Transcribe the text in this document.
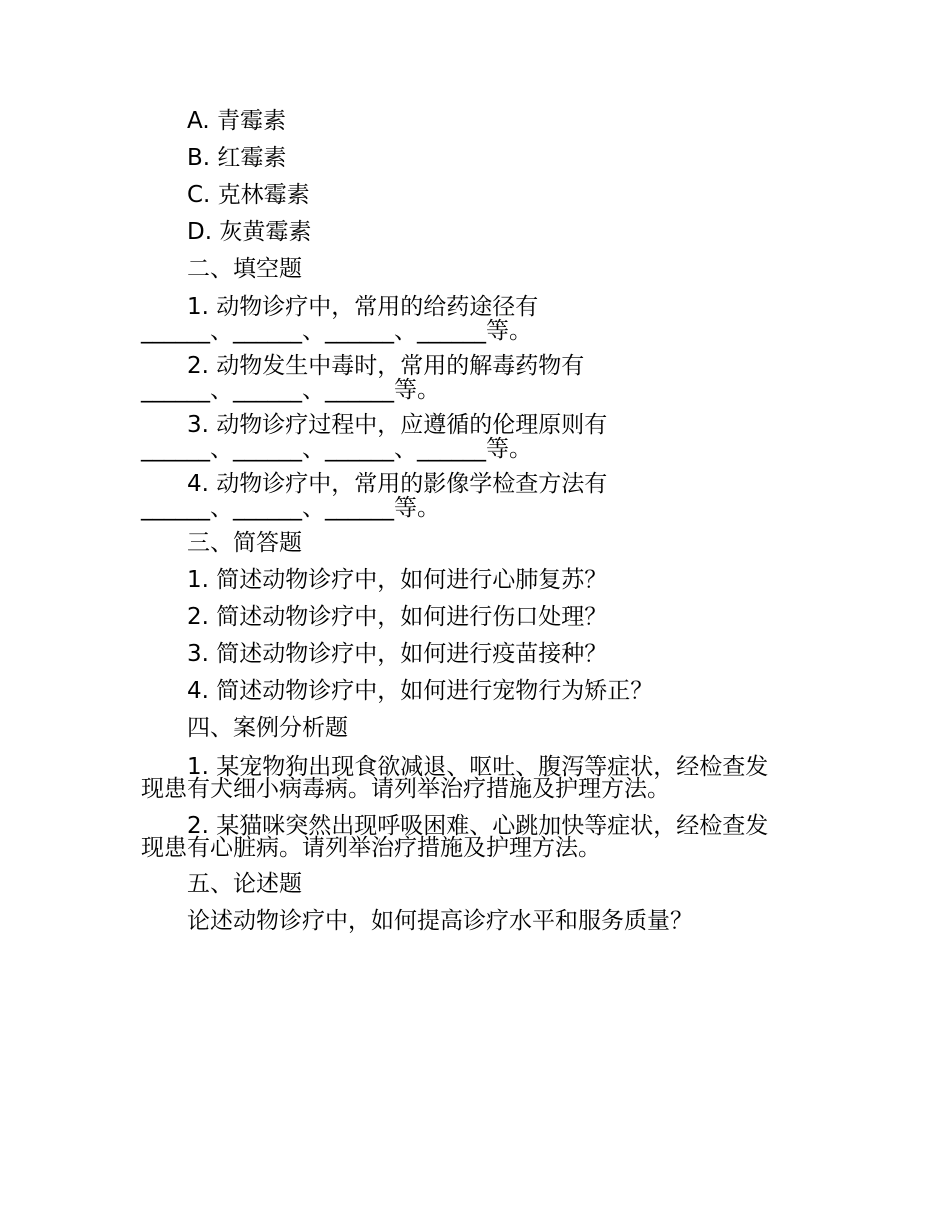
A. 青霉素
B. 红霉素
C. 克林霉素
D. 灰黄霉素
二、填空题
1. 动物诊疗中，常用的给药途径有
______、______、______、______等。
2. 动物发生中毒时，常用的解毒药物有
______、______、______等。
3. 动物诊疗过程中，应遵循的伦理原则有
______、______、______、______等。
4. 动物诊疗中，常用的影像学检查方法有
______、______、______等。
三、简答题
1. 简述动物诊疗中，如何进行心肺复苏？
2. 简述动物诊疗中，如何进行伤口处理？
3. 简述动物诊疗中，如何进行疫苗接种？
4. 简述动物诊疗中，如何进行宠物行为矫正？
四、案例分析题
1. 某宠物狗出现食欲减退、呕吐、腹泻等症状，经检查发
现患有犬细小病毒病。请列举治疗措施及护理方法。
2. 某猫咪突然出现呼吸困难、心跳加快等症状，经检查发
现患有心脏病。请列举治疗措施及护理方法。
五、论述题
论述动物诊疗中，如何提高诊疗水平和服务质量？
